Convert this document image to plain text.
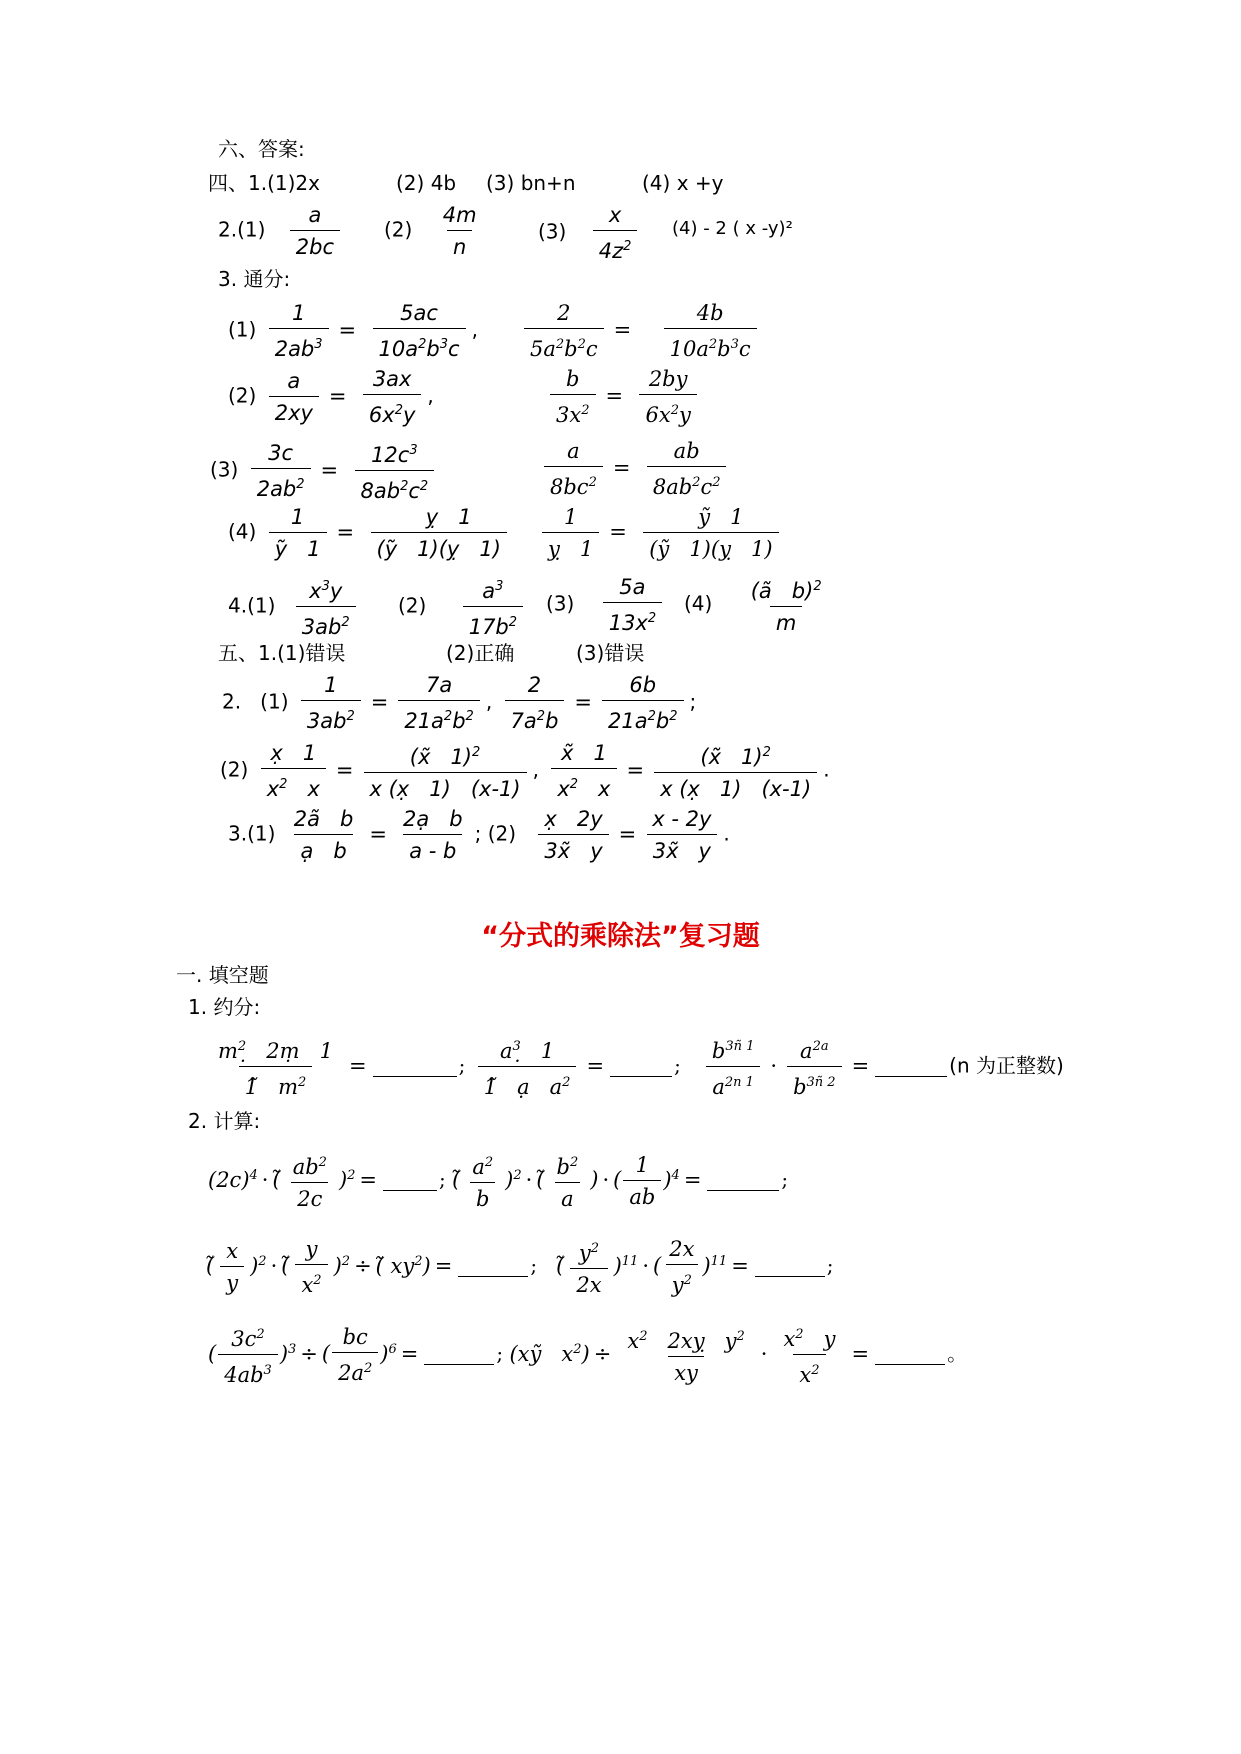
六、答案:
四、1.(1)2x	(2) 4b (3) bn+n	(4) x +y
$2.(1) \frac{a}{2bc} (2) \frac{4m}{n}$	$(3) \frac{x}{4z^2} (4) - 2$ ( x -y)²
3. 通分:
$(1) \frac{1}{2ab^3} = \frac{5ac}{10a^2b^3c}$ , $\frac{2}{5a^2b^2c} = \frac{4b}{10a^2b^3c}$
$(2) \frac{a}{2xy} = \frac{3ax}{6x^2y}$ ,	$\frac{b}{3x^2} = \frac{2by}{6x^2y}$
$(3) \frac{3c}{2ab^2} = \frac{12c^3}{8ab^2c^2}$	$\frac{a}{8bc^2} = \frac{ab}{8ab^2c^2}$
$(4) \frac{1}{ỹ 1} = \frac{ỵ 1}{(ỹ 1)(ỵ 1)} \frac{1}{ỵ 1} = \frac{ỹ 1}{(ỹ 1)(ỵ 1)}$
$4.(1) \frac{x^3y}{3ab^2} (2) \frac{a^3}{17b^2} (3) \frac{5a}{13x^2} (4) \frac{(ã b)^2}{m}$
五、1.(1)错误	(2)正确	(3)错误
2. $(1) \frac{1}{3ab^2} = \frac{7a}{21a^2b^2}$ , $\frac{2}{7a^2b} = \frac{6b}{21a^2b^2}$ ;
$(2) \frac{x̣ 1}{x^2 x} = \frac{(x̃ 1)^2}{x (x̣ 1) (x-1)}$ , $\frac{x̃ 1}{x^2 x} = \frac{(x̃ 1)^2}{x (x̣ 1) (x-1)}$ .
$3.(1) \frac{2ã b}{ạ b} = \frac{2ạ b}{a - b}$ ; $(2) \frac{x̣ 2y}{3x̃ y} = \frac{x - 2y}{3x̃ y}$ .
“分式的乘除法”复习题
一. 填空题
1. 约分:
$\frac{m^2̣ 2ṃ 1}{1̃ m^2}$ =	; $\frac{a^3̣ 1}{1̃ ạ a^2}$ =	; $\frac{b^{3ñ 1}}{a^{2n 1}} \cdot \frac{a^{2a}}{b^{3ñ 2}}$ =	(n 为正整数)
2. 计算:
$(2c)^4$ · (̃ $\frac{ab^2}{2c} )^2$ =	; (̃ $\frac{a^2}{b} )^2$ · (̃ $\frac{b^2}{a}$ ) · ( $\frac{1}{ab} )^4$ =	;
(̃ $\frac{x}{y} )^2$ · (̃ $\frac{y}{x^2} )^2$ ÷ (̃ $xy^2$) =	;   (̃ $\frac{y^2}{2x} )^{11}$ · ( $\frac{2x}{y^2} )^{11}$ =	;
( $\frac{3c^2}{4ab^3} )^3$ ÷ ( $\frac{bc}{2a^2} )^6$ =	; (xỹ   $x^2) \div \frac{x^2 2xỵ y^2}{xy} \cdot \frac{x^2 y}{x^2}$ =	。
